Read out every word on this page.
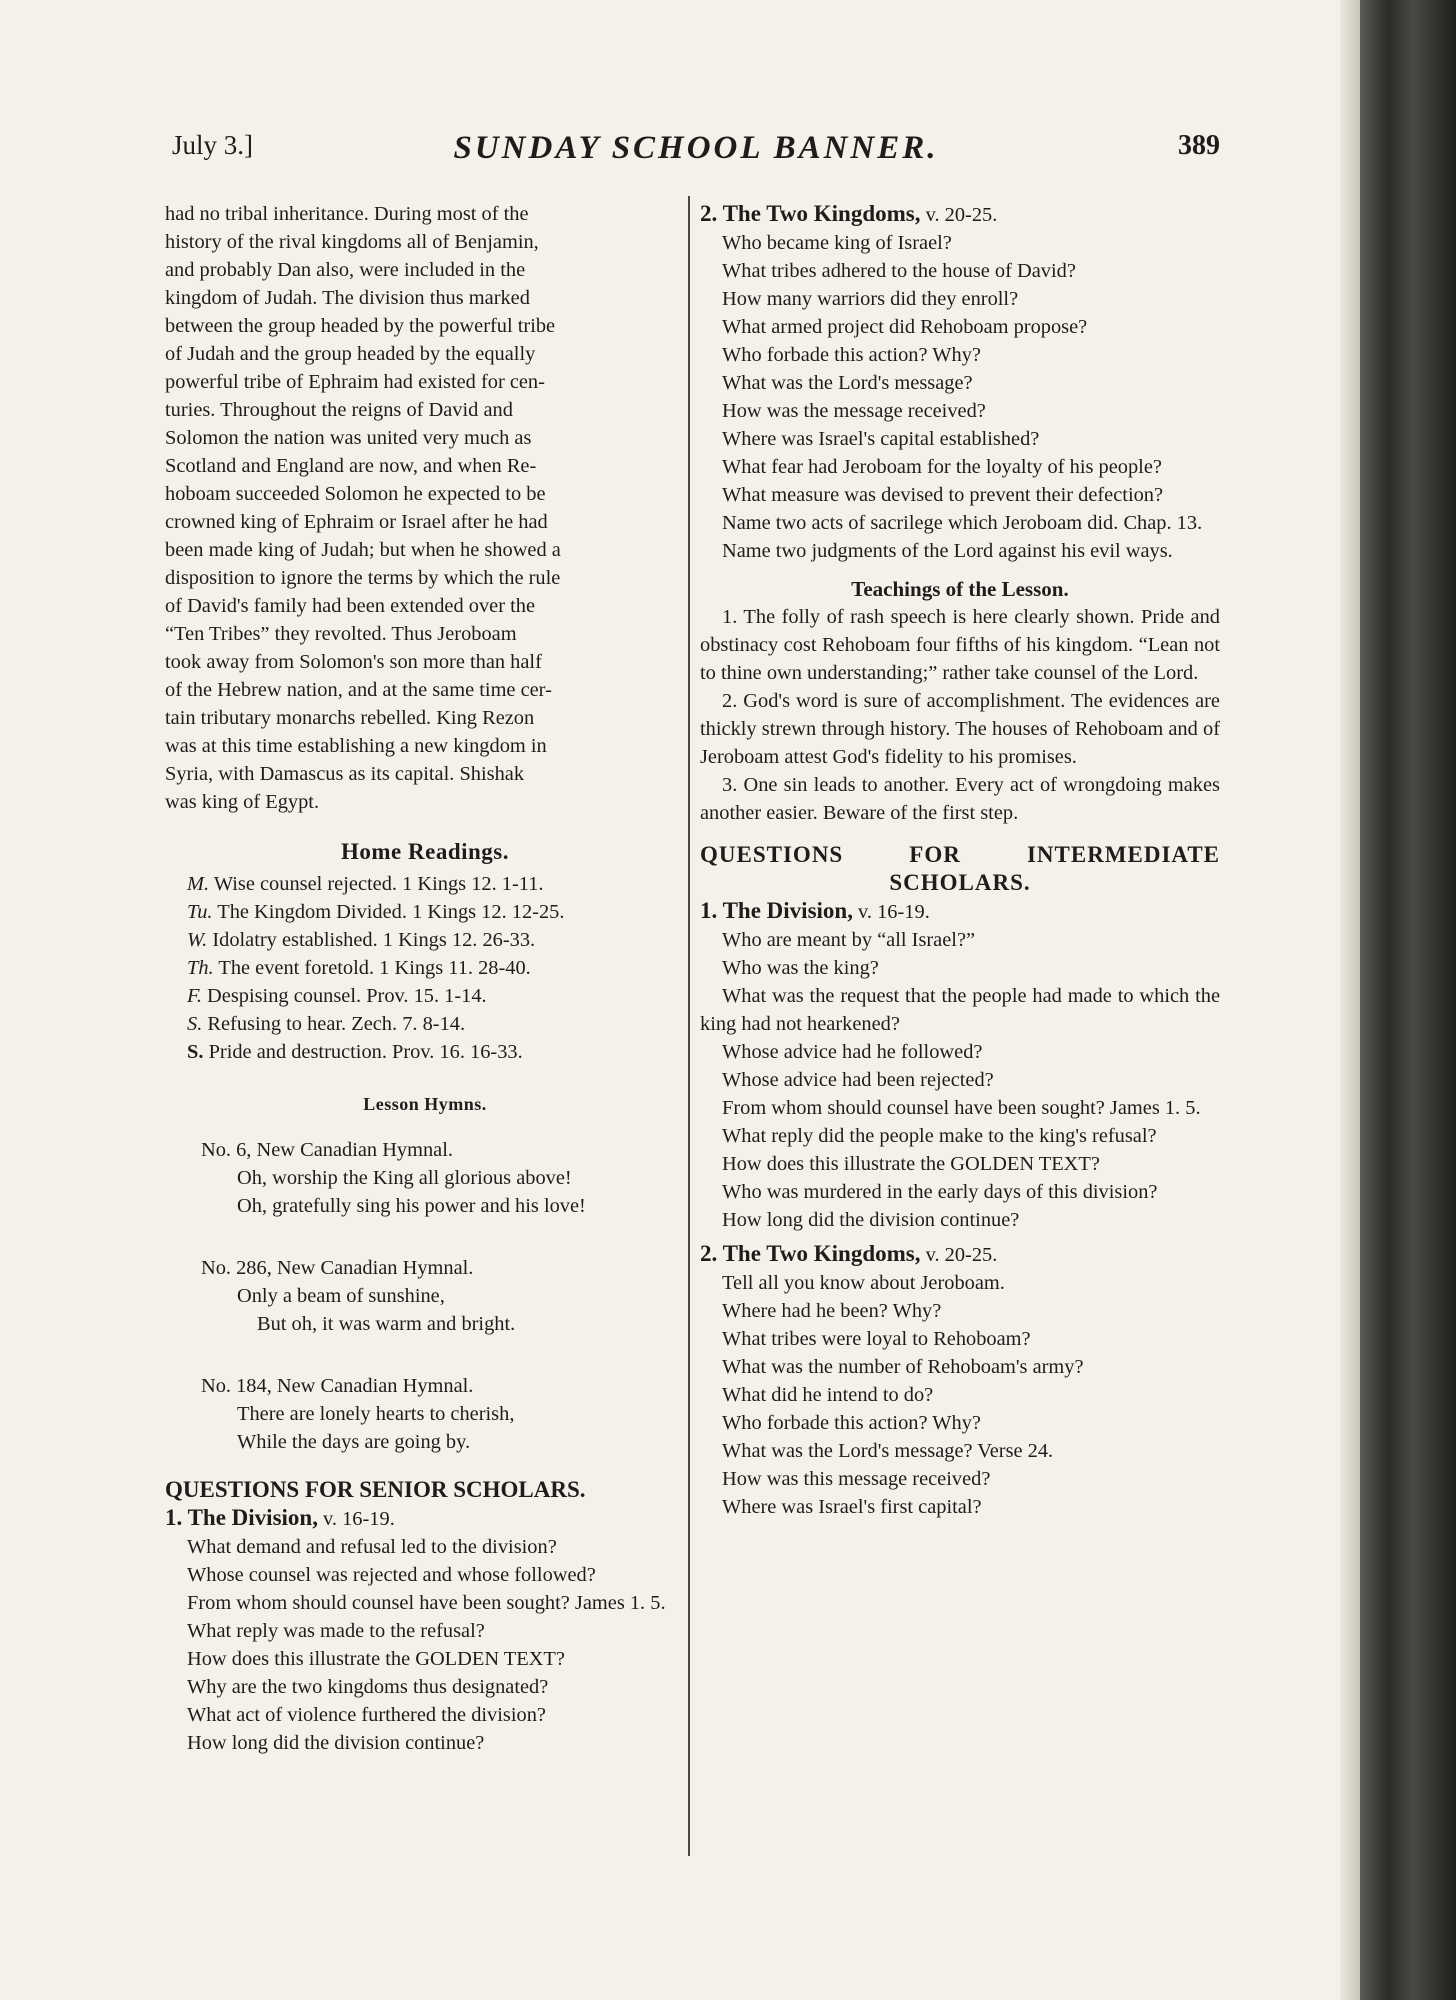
July 3.]	SUNDAY SCHOOL BANNER.	389

had no tribal inheritance. During most of the

history of the rival kingdoms all of Benjamin,

and probably Dan also, were included in the

kingdom of Judah. The division thus marked

between the group headed by the powerful tribe

of Judah and the group headed by the equally

powerful tribe of Ephraim had existed for cen-

turies. Throughout the reigns of David and

Solomon the nation was united very much as

Scotland and England are now, and when Re-

hoboam succeeded Solomon he expected to be

crowned king of Ephraim or Israel after he had

been made king of Judah; but when he showed a

disposition to ignore the terms by which the rule

of David's family had been extended over the

“Ten Tribes” they revolted. Thus Jeroboam

took away from Solomon's son more than half

of the Hebrew nation, and at the same time cer-

tain tributary monarchs rebelled. King Rezon

was at this time establishing a new kingdom in

Syria, with Damascus as its capital. Shishak

was king of Egypt.

Home Readings.

M. Wise counsel rejected. 1 Kings 12. 1-11.

Tu. The Kingdom Divided. 1 Kings 12. 12-25.

W. Idolatry established. 1 Kings 12. 26-33.

Th. The event foretold. 1 Kings 11. 28-40.

F. Despising counsel. Prov. 15. 1-14.

S. Refusing to hear. Zech. 7. 8-14.

S. Pride and destruction. Prov. 16. 16-33.

Lesson Hymns.

No. 6, New Canadian Hymnal.

Oh, worship the King all glorious above!

Oh, gratefully sing his power and his love!

No. 286, New Canadian Hymnal.

Only a beam of sunshine,

But oh, it was warm and bright.

No. 184, New Canadian Hymnal.

There are lonely hearts to cherish,

While the days are going by.

QUESTIONS FOR SENIOR SCHOLARS.

1. The Division, v. 16-19.

What demand and refusal led to the division?

Whose counsel was rejected and whose followed?

From whom should counsel have been sought? James 1. 5.

What reply was made to the refusal?

How does this illustrate the GOLDEN TEXT?

Why are the two kingdoms thus designated?

What act of violence furthered the division?

How long did the division continue?

2. The Two Kingdoms, v. 20-25.

Who became king of Israel?

What tribes adhered to the house of David?

How many warriors did they enroll?

What armed project did Rehoboam propose?

Who forbade this action? Why?

What was the Lord's message?

How was the message received?

Where was Israel's capital established?

What fear had Jeroboam for the loyalty of his people?

What measure was devised to prevent their defection?

Name two acts of sacrilege which Jeroboam did. Chap. 13.

Name two judgments of the Lord against his evil ways.

Teachings of the Lesson.

1. The folly of rash speech is here clearly shown. Pride and obstinacy cost Rehoboam four fifths of his kingdom. “Lean not to thine own understanding;” rather take counsel of the Lord.

2. God's word is sure of accomplishment. The evidences are thickly strewn through history. The houses of Rehoboam and of Jeroboam attest God's fidelity to his promises.

3. One sin leads to another. Every act of wrongdoing makes another easier. Beware of the first step.

QUESTIONS FOR INTERMEDIATE
SCHOLARS.

1. The Division, v. 16-19.

Who are meant by “all Israel?”

Who was the king?

What was the request that the people had made to which the king had not hearkened?

Whose advice had he followed?

Whose advice had been rejected?

From whom should counsel have been sought? James 1. 5.

What reply did the people make to the king's refusal?

How does this illustrate the GOLDEN TEXT?

Who was murdered in the early days of this division?

How long did the division continue?

2. The Two Kingdoms, v. 20-25.

Tell all you know about Jeroboam.

Where had he been? Why?

What tribes were loyal to Rehoboam?

What was the number of Rehoboam's army?

What did he intend to do?

Who forbade this action? Why?

What was the Lord's message? Verse 24.

How was this message received?

Where was Israel's first capital?
